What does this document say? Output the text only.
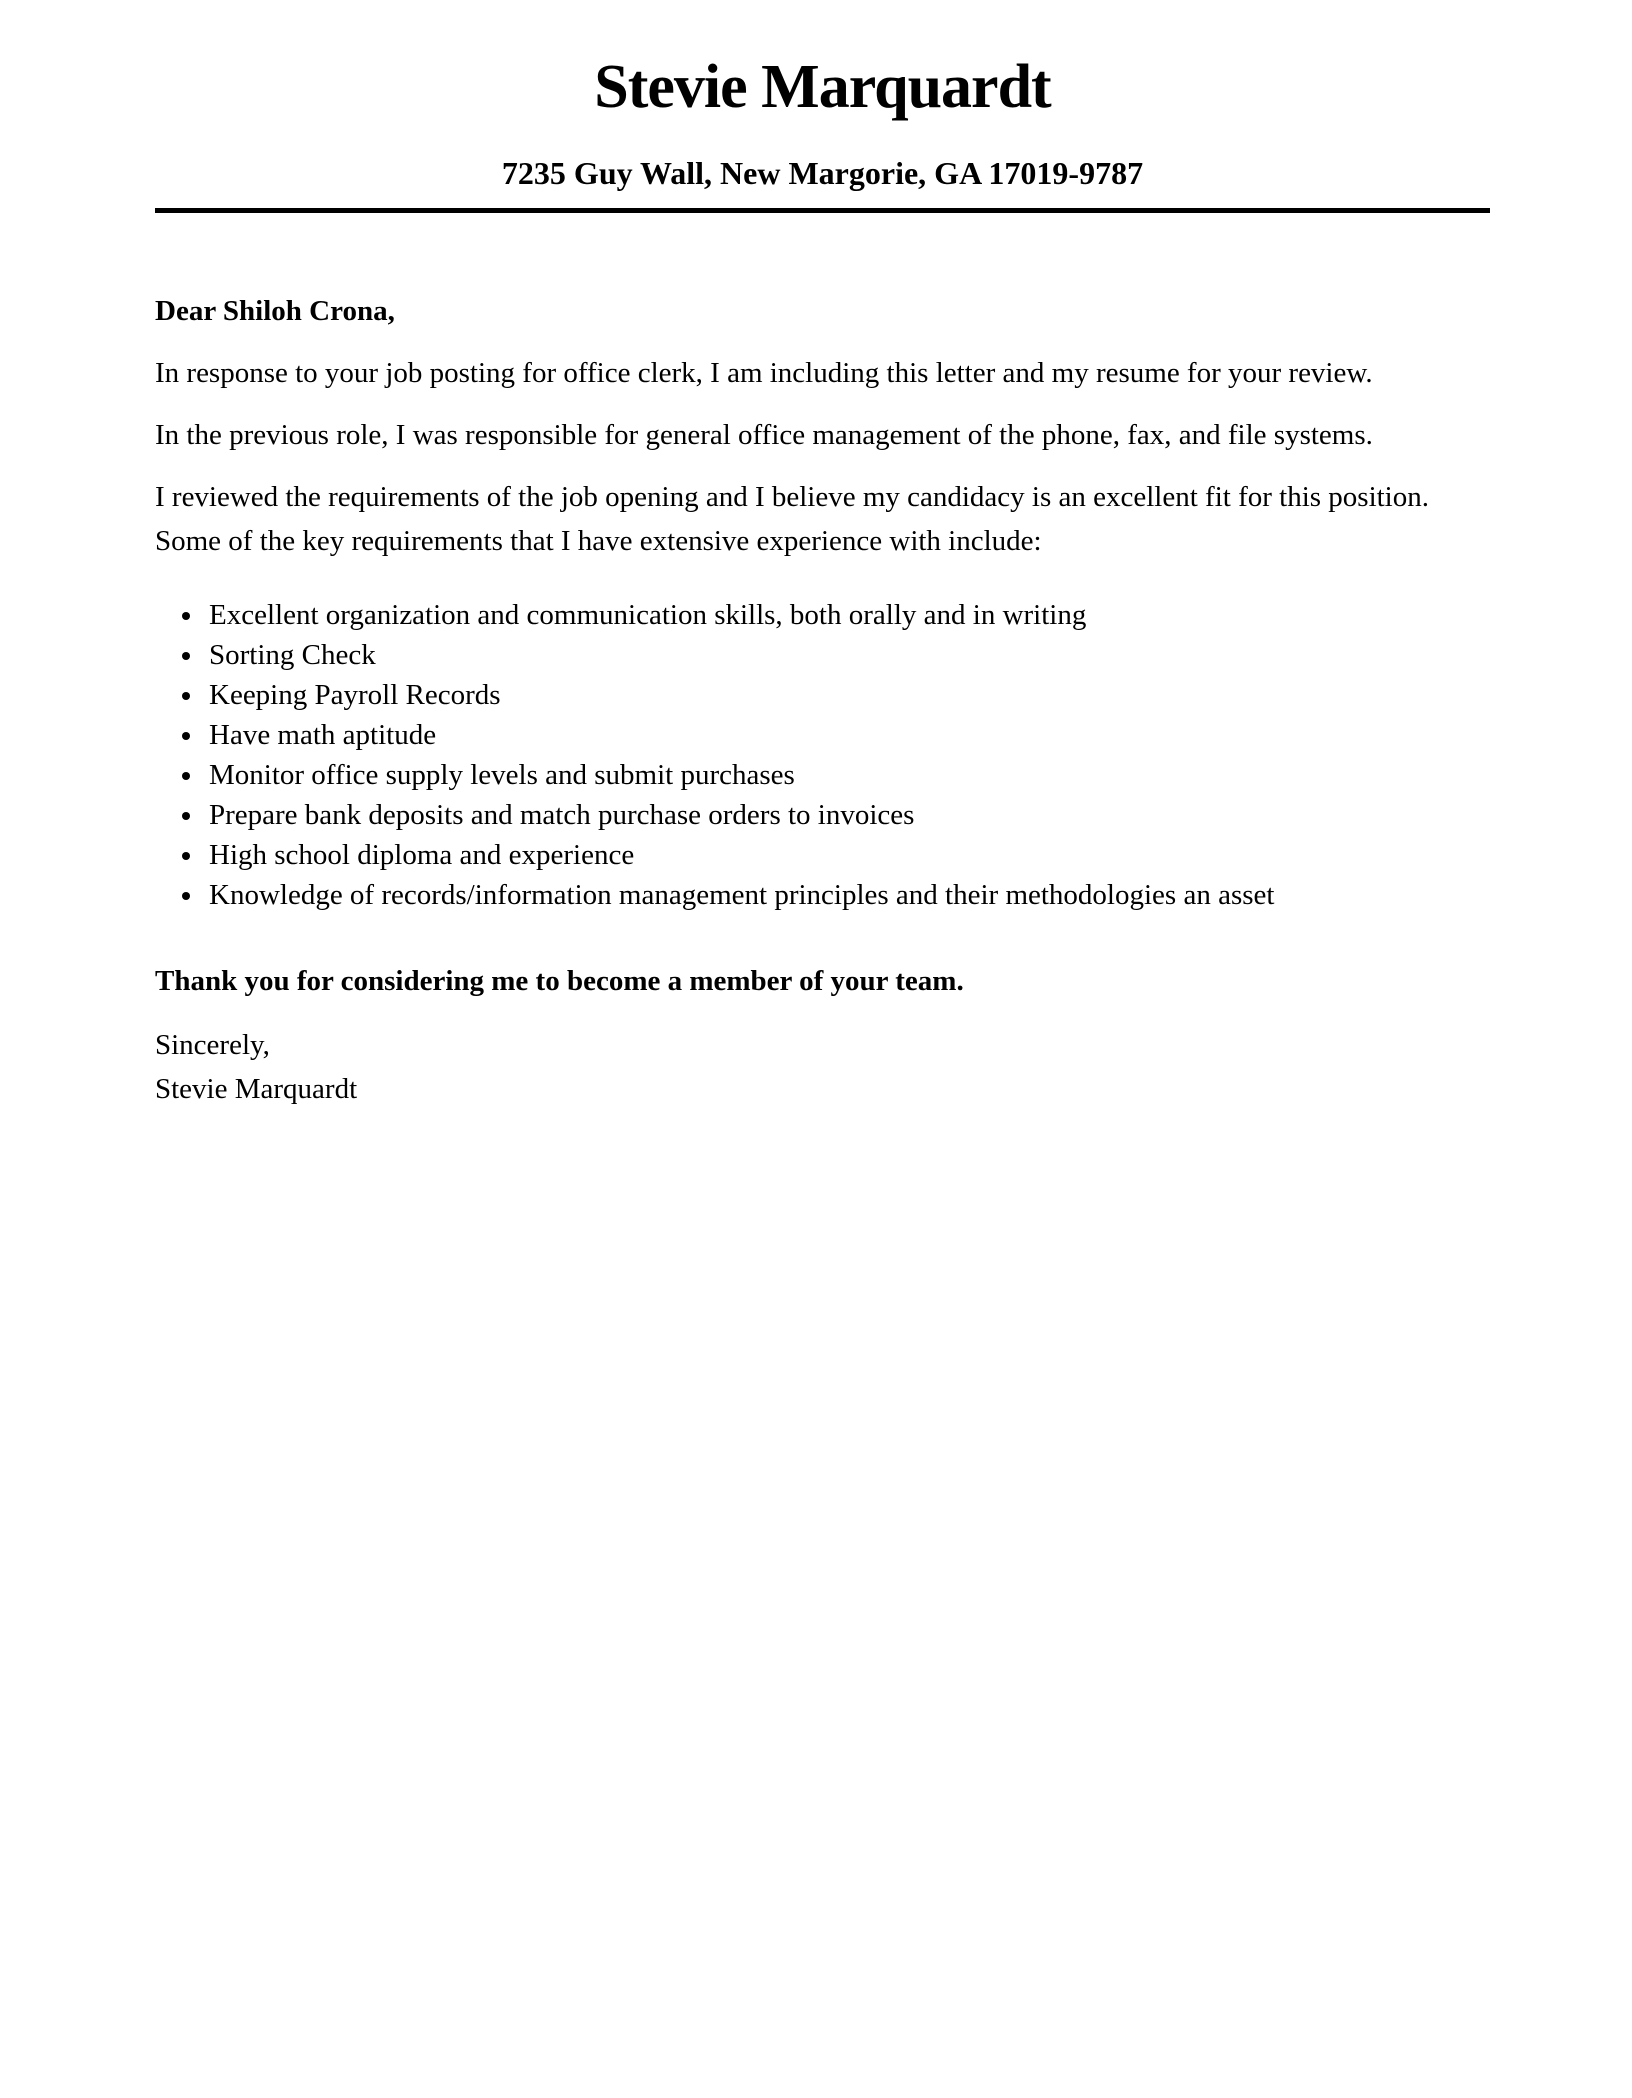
Stevie Marquardt
7235 Guy Wall, New Margorie, GA 17019-9787

Dear Shiloh Crona,

In response to your job posting for office clerk, I am including this letter and my resume for your review.

In the previous role, I was responsible for general office management of the phone, fax, and file systems.

I reviewed the requirements of the job opening and I believe my candidacy is an excellent fit for this position. Some of the key requirements that I have extensive experience with include:

• Excellent organization and communication skills, both orally and in writing
• Sorting Check
• Keeping Payroll Records
• Have math aptitude
• Monitor office supply levels and submit purchases
• Prepare bank deposits and match purchase orders to invoices
• High school diploma and experience
• Knowledge of records/information management principles and their methodologies an asset

Thank you for considering me to become a member of your team.

Sincerely,
Stevie Marquardt
